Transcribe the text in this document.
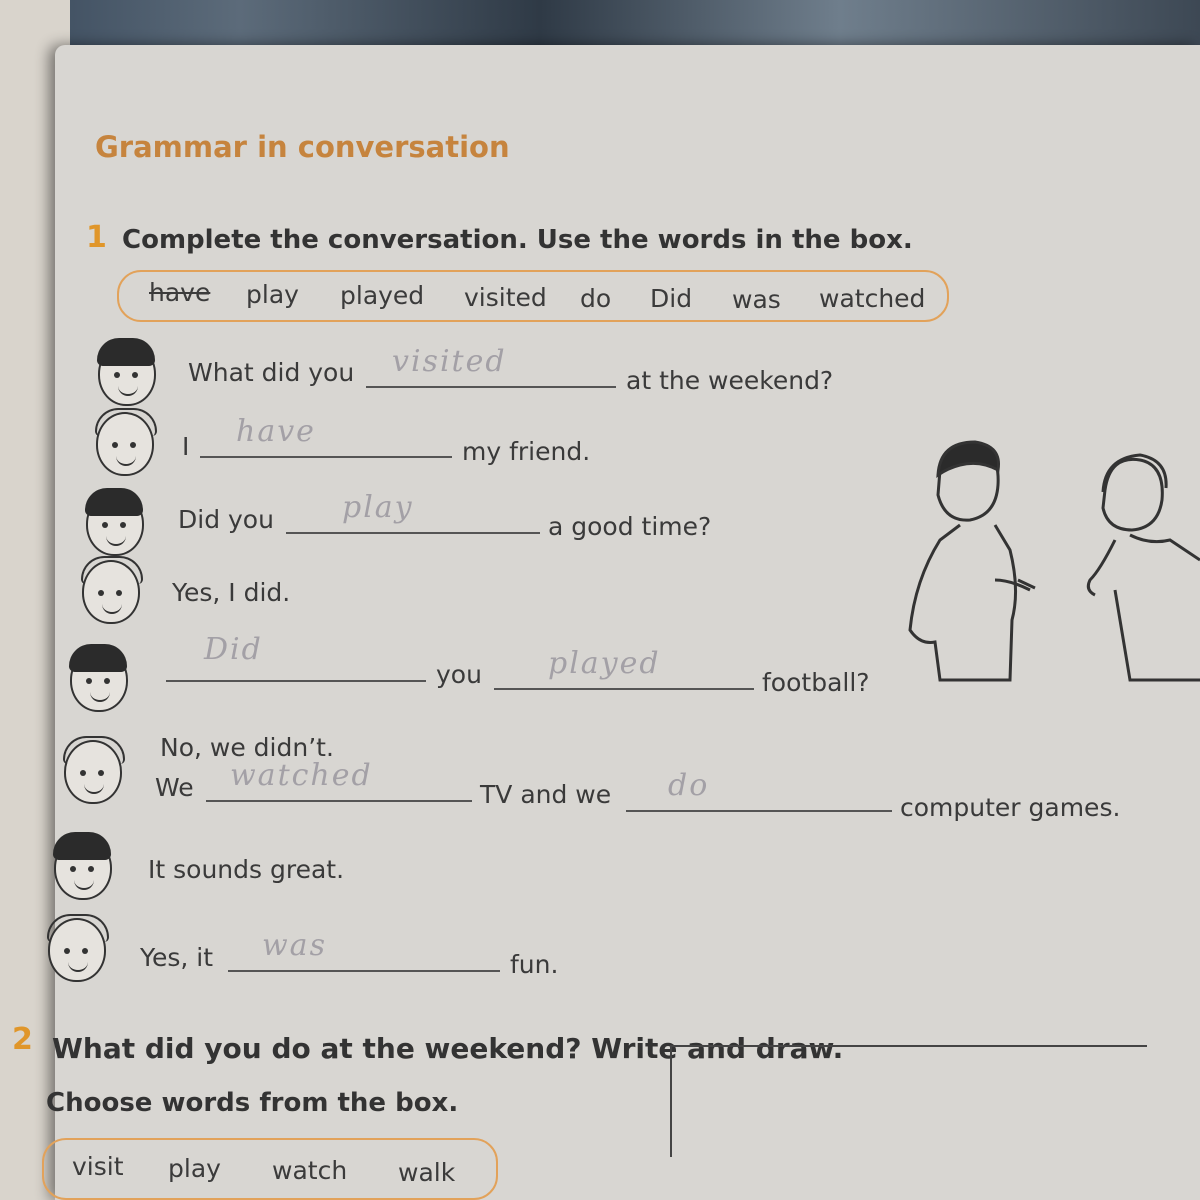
Grammar in conversation
1 Complete the conversation. Use the words in the box.
have play played visited do Did was watched
What did you visited
at the weekend?
I have
my friend.
Did you play
a good time?
Yes, I did.
Did
you played
football?
No, we didn’t.
We watched
TV and we do
computer games.
It sounds great.
Yes, it was
fun.
2 What did you do at the weekend? Write and draw.
Choose words from the box.
visit play watch walk
